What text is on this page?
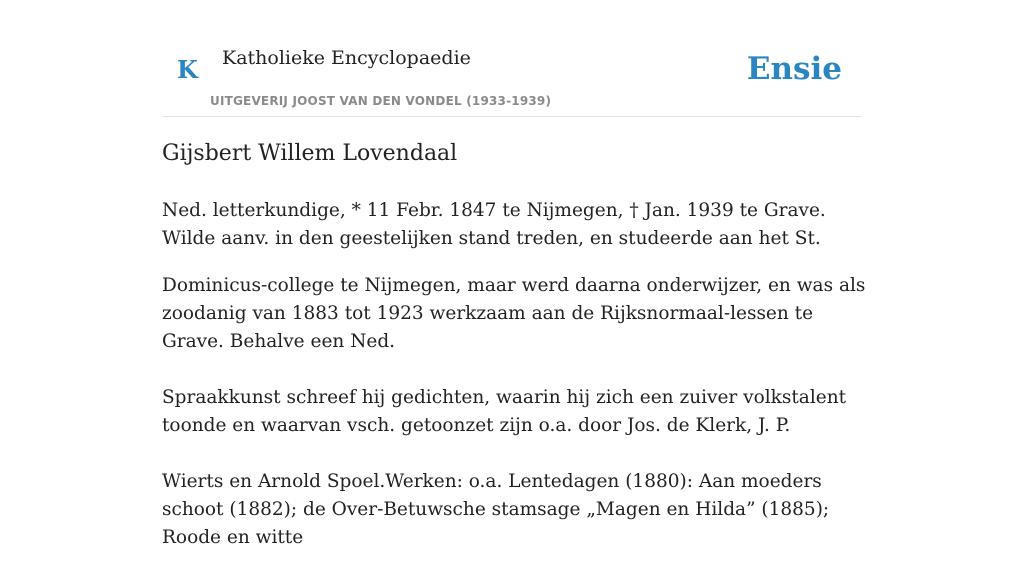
K Katholieke Encyclopaedie
UITGEVERIJ JOOST VAN DEN VONDEL (1933-1939)
Ensie
Gijsbert Willem Lovendaal

Ned. letterkundige, * 11 Febr. 1847 te Nijmegen, † Jan. 1939 te Grave. Wilde aanv. in den geestelijken stand treden, en studeerde aan het St.

Dominicus-college te Nijmegen, maar werd daarna onderwijzer, en was als zoodanig van 1883 tot 1923 werkzaam aan de Rijksnormaal-lessen te Grave. Behalve een Ned.

Spraakkunst schreef hij gedichten, waarin hij zich een zuiver volkstalent toonde en waarvan vsch. getoonzet zijn o.a. door Jos. de Klerk, J. P.

Wierts en Arnold Spoel.Werken: o.a. Lentedagen (1880): Aan moeders schoot (1882); de Over-Betuwsche stamsage „Magen en Hilda” (1885); Roode en witte
